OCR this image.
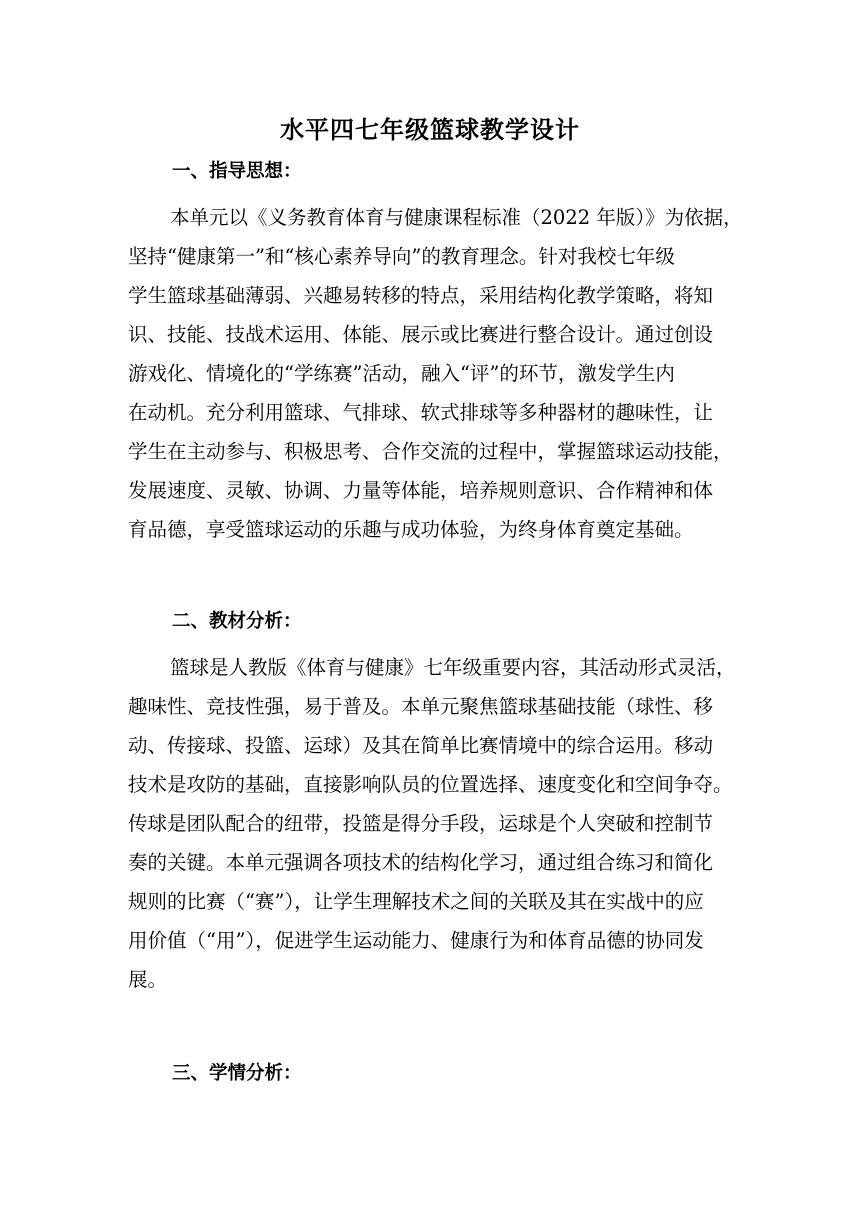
水平四七年级篮球教学设计
一、指导思想：
本单元以《义务教育体育与健康课程标准（2022 年版）》为依据，
坚持“健康第一”和“核心素养导向”的教育理念。针对我校七年级
学生篮球基础薄弱、兴趣易转移的特点，采用结构化教学策略，将知
识、技能、技战术运用、体能、展示或比赛进行整合设计。通过创设
游戏化、情境化的“学练赛”活动，融入“评”的环节，激发学生内
在动机。充分利用篮球、气排球、软式排球等多种器材的趣味性，让
学生在主动参与、积极思考、合作交流的过程中，掌握篮球运动技能，
发展速度、灵敏、协调、力量等体能，培养规则意识、合作精神和体
育品德，享受篮球运动的乐趣与成功体验，为终身体育奠定基础。
二、教材分析：
篮球是人教版《体育与健康》七年级重要内容，其活动形式灵活，
趣味性、竞技性强，易于普及。本单元聚焦篮球基础技能（球性、移
动、传接球、投篮、运球）及其在简单比赛情境中的综合运用。移动
技术是攻防的基础，直接影响队员的位置选择、速度变化和空间争夺。
传球是团队配合的纽带，投篮是得分手段，运球是个人突破和控制节
奏的关键。本单元强调各项技术的结构化学习，通过组合练习和简化
规则的比赛（“赛”），让学生理解技术之间的关联及其在实战中的应
用价值（“用”），促进学生运动能力、健康行为和体育品德的协同发
展。
三、学情分析：
